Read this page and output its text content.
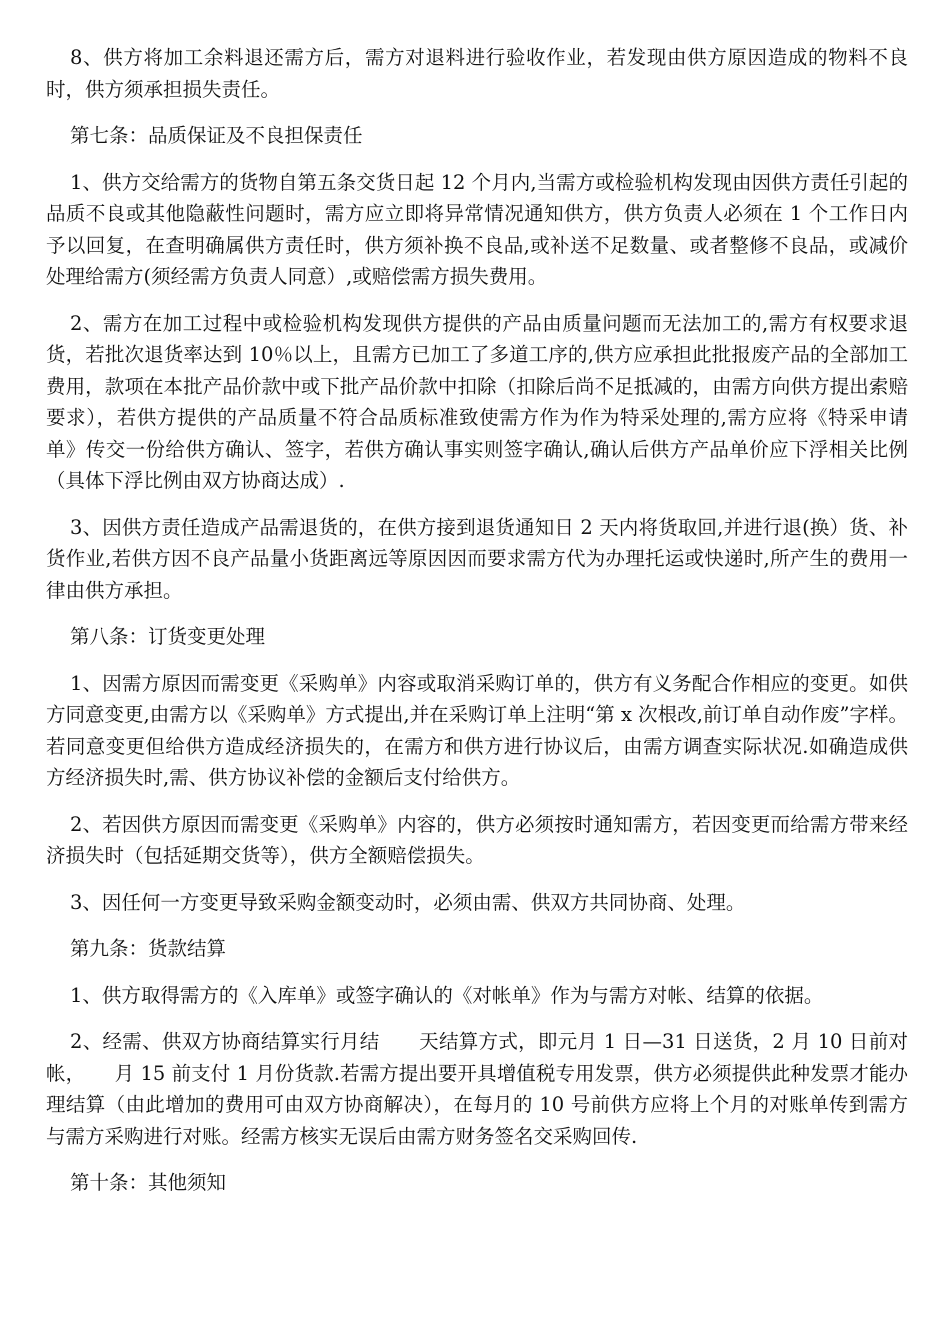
8、供方将加工余料退还需方后，需方对退料进行验收作业，若发现由供方原因造成的物料不良时，供方须承担损失责任。

第七条：品质保证及不良担保责任

1、供方交给需方的货物自第五条交货日起 12 个月内,当需方或检验机构发现由因供方责任引起的品质不良或其他隐蔽性问题时，需方应立即将异常情况通知供方，供方负责人必须在 1 个工作日内予以回复，在查明确属供方责任时，供方须补换不良品,或补送不足数量、或者整修不良品，或减价处理给需方(须经需方负责人同意）,或赔偿需方损失费用。

2、需方在加工过程中或检验机构发现供方提供的产品由质量问题而无法加工的,需方有权要求退货，若批次退货率达到 10％以上，且需方已加工了多道工序的,供方应承担此批报废产品的全部加工费用，款项在本批产品价款中或下批产品价款中扣除（扣除后尚不足抵减的，由需方向供方提出索赔要求），若供方提供的产品质量不符合品质标准致使需方作为作为特采处理的,需方应将《特采申请单》传交一份给供方确认、签字，若供方确认事实则签字确认,确认后供方产品单价应下浮相关比例（具体下浮比例由双方协商达成）.

3、因供方责任造成产品需退货的，在供方接到退货通知日 2 天内将货取回,并进行退(换）货、补货作业,若供方因不良产品量小货距离远等原因因而要求需方代为办理托运或快递时,所产生的费用一律由供方承担。

第八条：订货变更处理

1、因需方原因而需变更《采购单》内容或取消采购订单的，供方有义务配合作相应的变更。如供方同意变更,由需方以《采购单》方式提出,并在采购订单上注明“第 x 次根改,前订单自动作废”字样。若同意变更但给供方造成经济损失的，在需方和供方进行协议后，由需方调查实际状况.如确造成供方经济损失时,需、供方协议补偿的金额后支付给供方。

2、若因供方原因而需变更《采购单》内容的，供方必须按时通知需方，若因变更而给需方带来经济损失时（包括延期交货等），供方全额赔偿损失。

3、因任何一方变更导致采购金额变动时，必须由需、供双方共同协商、处理。

第九条：货款结算

1、供方取得需方的《入库单》或签字确认的《对帐单》作为与需方对帐、结算的依据。

2、经需、供双方协商结算实行月结　　天结算方式，即元月 1 日—31 日送货，2 月 10 日前对帐，　　月 15 前支付 1 月份货款.若需方提出要开具增值税专用发票，供方必须提供此种发票才能办理结算（由此增加的费用可由双方协商解决），在每月的 10 号前供方应将上个月的对账单传到需方与需方采购进行对账。经需方核实无误后由需方财务签名交采购回传.

第十条：其他须知
